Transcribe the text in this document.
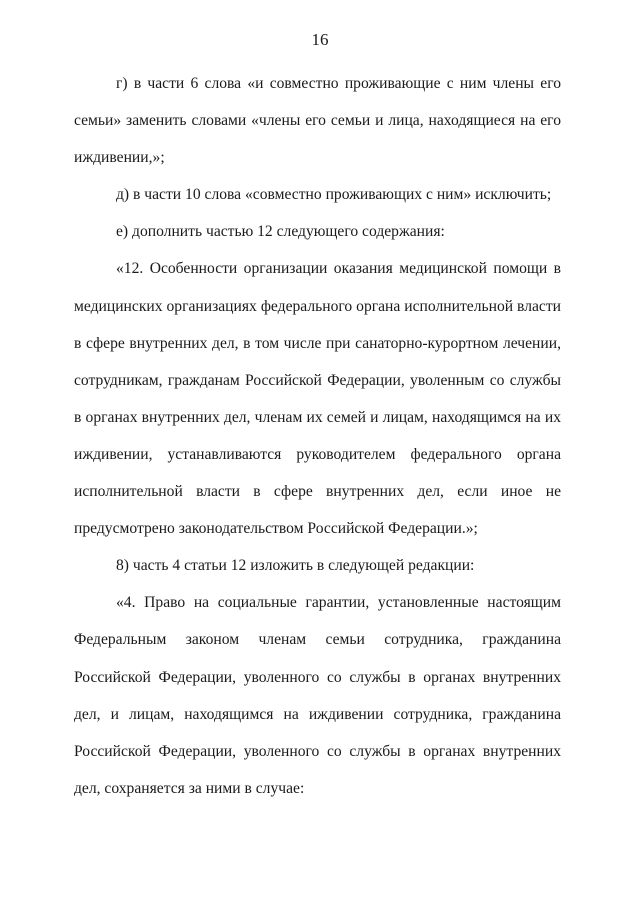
16

г) в части 6 слова «и совместно проживающие с ним члены его семьи» заменить словами «члены его семьи и лица, находящиеся на его иждивении,»;

д) в части 10 слова «совместно проживающих с ним» исключить;

е) дополнить частью 12 следующего содержания:

«12. Особенности организации оказания медицинской помощи в медицинских организациях федерального органа исполнительной власти в сфере внутренних дел, в том числе при санаторно-курортном лечении, сотрудникам, гражданам Российской Федерации, уволенным со службы в органах внутренних дел, членам их семей и лицам, находящимся на их иждивении, устанавливаются руководителем федерального органа исполнительной власти в сфере внутренних дел, если иное не предусмотрено законодательством Российской Федерации.»;

8) часть 4 статьи 12 изложить в следующей редакции:

«4. Право на социальные гарантии, установленные настоящим Федеральным законом членам семьи сотрудника, гражданина Российской Федерации, уволенного со службы в органах внутренних дел, и лицам, находящимся на иждивении сотрудника, гражданина Российской Федерации, уволенного со службы в органах внутренних дел, сохраняется за ними в случае:
